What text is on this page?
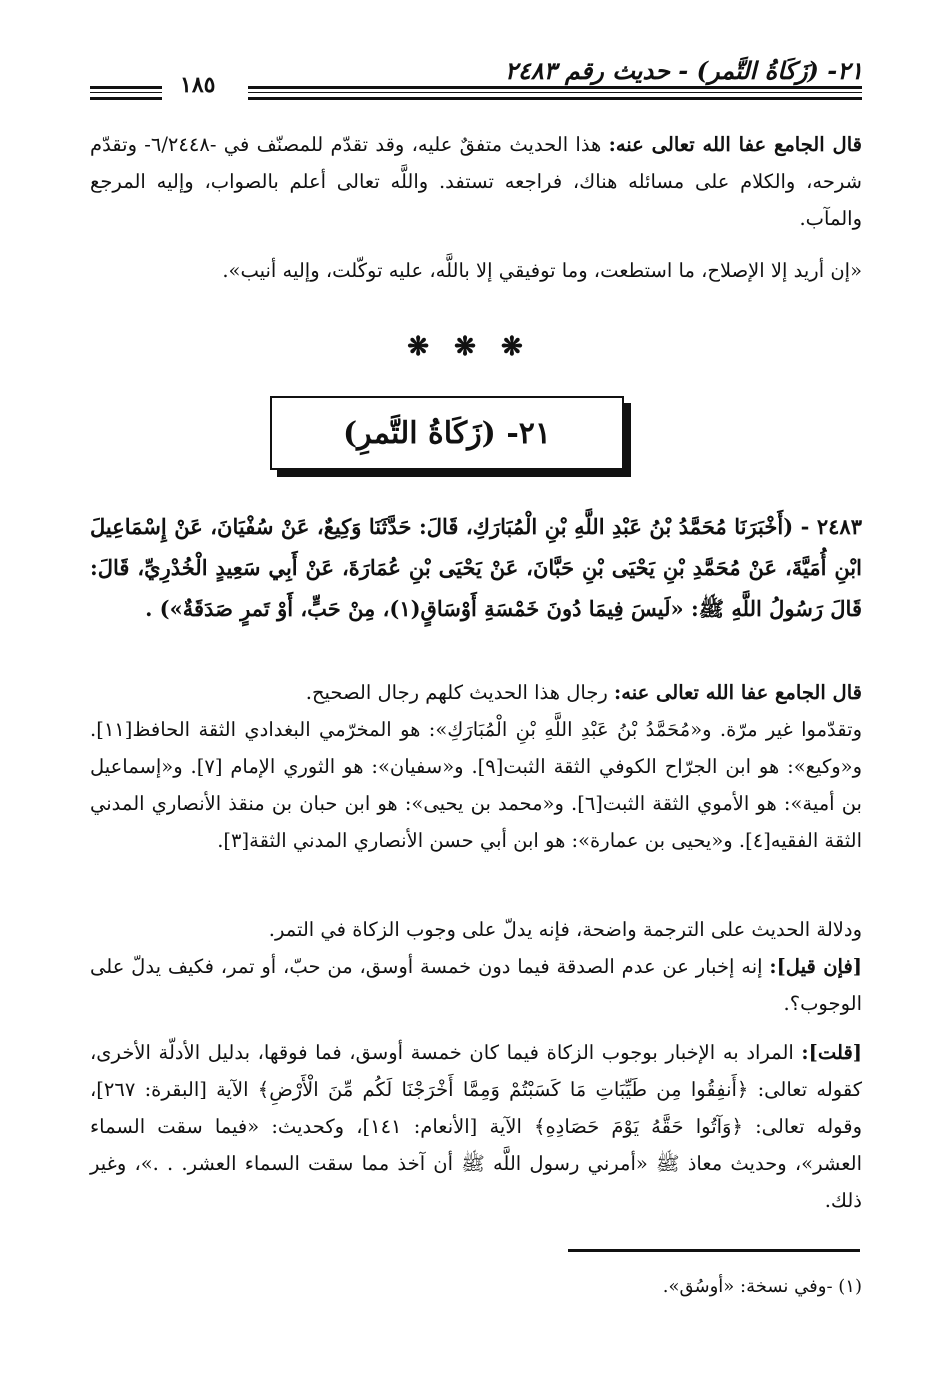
٢١- (زَكَاةُ التَّمر) - حديث رقم ٢٤٨٣
١٨٥
قال الجامع عفا الله تعالى عنه: هذا الحديث متفقٌ عليه، وقد تقدّم للمصنّف في -٦/٢٤٤٨- وتقدّم شرحه، والكلام على مسائله هناك، فراجعه تستفد. واللَّه تعالى أعلم بالصواب، وإليه المرجع والمآب.
«إن أريد إلا الإصلاح، ما استطعت، وما توفيقي إلا باللَّه، عليه توكّلت، وإليه أنيب».
❋ ❋ ❋
٢١- (زَكَاةُ التَّمرِ)
٢٤٨٣ - (أَخْبَرَنَا مُحَمَّدُ بْنُ عَبْدِ اللَّهِ بْنِ الْمُبَارَكِ، قَالَ: حَدَّثَنَا وَكِيعٌ، عَنْ سُفْيَانَ، عَنْ إِسْمَاعِيلَ ابْنِ أُمَيَّةَ، عَنْ مُحَمَّدِ بْنِ يَحْيَى بْنِ حَبَّانَ، عَنْ يَحْيَى بْنِ عُمَارَةَ، عَنْ أَبِي سَعِيدٍ الْخُدْرِيِّ، قَالَ: قَالَ رَسُولُ اللَّهِ ﷺ: «لَيسَ فِيمَا دُونَ خَمْسَةِ أَوْسَاقٍ(١)، مِنْ حَبٍّ، أَوْ تَمرٍ صَدَقَةٌ») .
قال الجامع عفا الله تعالى عنه: رجال هذا الحديث كلهم رجال الصحيح.
وتقدّموا غير مرّة. و«مُحَمَّدُ بْنُ عَبْدِ اللَّهِ بْنِ الْمُبَارَكِ»: هو المخرّمي البغدادي الثقة الحافظ[١١]. و«وكيع»: هو ابن الجرّاح الكوفي الثقة الثبت[٩]. و«سفيان»: هو الثوري الإمام [٧]. و«إسماعيل بن أمية»: هو الأموي الثقة الثبت[٦]. و«محمد بن يحيى»: هو ابن حبان بن منقذ الأنصاري المدني الثقة الفقيه[٤]. و«يحيى بن عمارة»: هو ابن أبي حسن الأنصاري المدني الثقة[٣].
ودلالة الحديث على الترجمة واضحة، فإنه يدلّ على وجوب الزكاة في التمر.
[فإن قيل]: إنه إخبار عن عدم الصدقة فيما دون خمسة أوسق، من حبّ، أو تمر، فكيف يدلّ على الوجوب؟.
[قلت]: المراد به الإخبار بوجوب الزكاة فيما كان خمسة أوسق، فما فوقها، بدليل الأدلّة الأخرى، كقوله تعالى: ﴿أَنفِقُوا مِن طَيِّبَاتِ مَا كَسَبْتُمْ وَمِمَّا أَخْرَجْنَا لَكُم مِّنَ الْأَرْضِ﴾ الآية [البقرة: ٢٦٧]، وقوله تعالى: ﴿وَآتُوا حَقَّهُ يَوْمَ حَصَادِهِ﴾ الآية [الأنعام: ١٤١]، وكحديث: «فيما سقت السماء العشر»، وحديث معاذ ﷺ «أمرني رسول اللَّه ﷺ أن آخذ مما سقت السماء العشر. . .»، وغير ذلك.
(١) -وفي نسخة: «أوسُق».
